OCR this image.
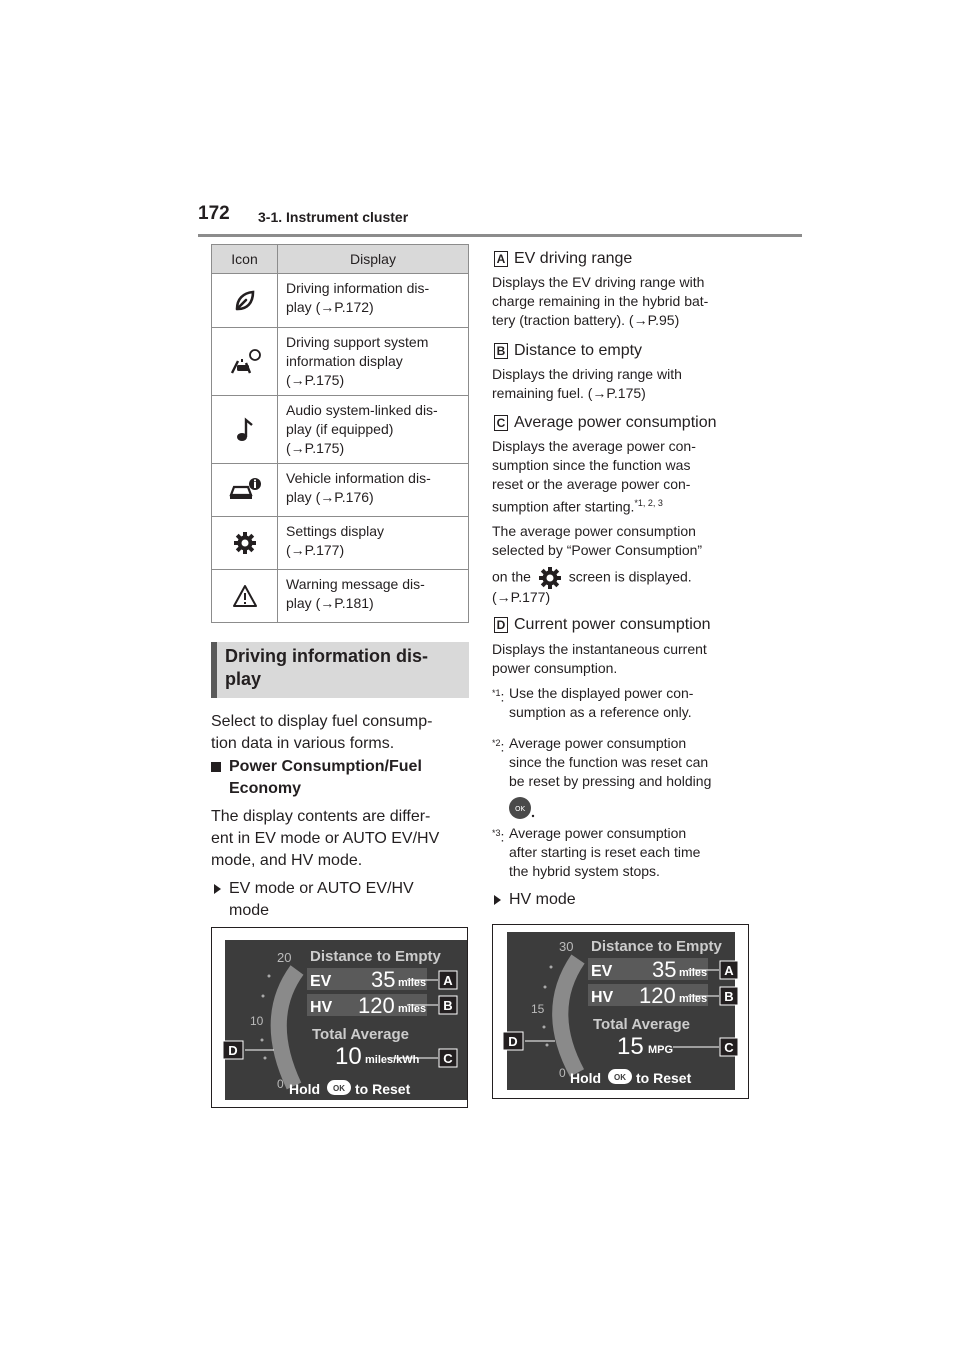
172 3-1. Instrument cluster
Icon	Display
	Driving information dis-
play (→P.172)
	Driving support system
information display
(→P.175)
	Audio system-linked dis-
play (if equipped)
(→P.175)
	Vehicle information dis-
play (→P.176)
	Settings display
(→P.177)
	Warning message dis-
play (→P.181)
Driving information dis-
play
Select to display fuel consump-
tion data in various forms.
Power Consumption/Fuel
Economy
The display contents are differ-
ent in EV mode or AUTO EV/HV
mode, and HV mode.
EV mode or AUTO EV/HV
mode
A EV driving range
Displays the EV driving range with
charge remaining in the hybrid bat-
tery (traction battery). (→P.95)
B Distance to empty
Displays the driving range with
remaining fuel. (→P.175)
C Average power consumption
Displays the average power con-
sumption since the function was
reset or the average power con-
sumption after starting.$^{*1, 2, 3}$
The average power consumption
selected by “Power Consumption”
on the	screen is displayed.
(→P.177)
D Current power consumption
Displays the instantaneous current
power consumption.
$^{*1}$: Use the displayed power con-
sumption as a reference only.
$^{*2}$: Average power consumption
since the function was reset can
be reset by pressing and holding
OK
$^{*3}$: Average power consumption
after starting is reset each time
the hybrid system stops.
HV mode
20
10
0
Distance to Empty
EV 35 miles
HV 120 miles
Total Average
10 miles/kWh
Hold OK to Reset
A
B
C
D
30
15
0
Distance to Empty
EV 35 miles
HV 120 miles
Total Average
15 MPG
Hold OK to Reset
A
B
C
D
